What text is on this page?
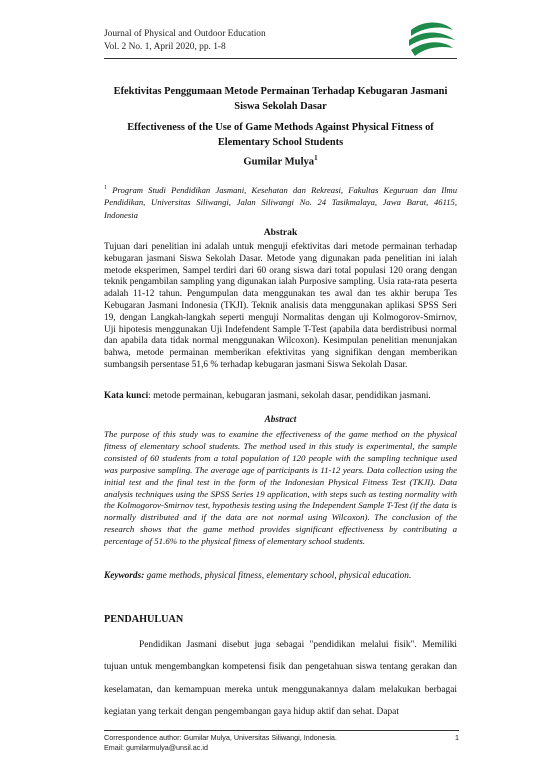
Journal of Physical and Outdoor Education
Vol. 2 No. 1, April 2020, pp. 1-8
Efektivitas Penggumaan Metode Permainan Terhadap Kebugaran Jasmani Siswa Sekolah Dasar
Effectiveness of the Use of Game Methods Against Physical Fitness of Elementary School Students
Gumilar Mulya$^1$
$^1$ Program Studi Pendidikan Jasmani, Kesehatan dan Rekreasi, Fakultas Keguruan dan Ilmu Pendidikan, Universitas Siliwangi, Jalan Siliwangi No. 24 Tasikmalaya, Jawa Barat, 46115, Indonesia
Abstrak
Tujuan dari penelitian ini adalah untuk menguji efektivitas dari metode permainan terhadap kebugaran jasmani Siswa Sekolah Dasar. Metode yang digunakan pada penelitian ini ialah metode eksperimen, Sampel terdiri dari 60 orang siswa dari total populasi 120 orang dengan teknik pengambilan sampling yang digunakan ialah Purposive sampling. Usia rata-rata peserta adalah 11-12 tahun. Pengumpulan data menggunakan tes awal dan tes akhir berupa Tes Kebugaran Jasmani Indonesia (TKJI). Teknik analisis data menggunakan aplikasi SPSS Seri 19, dengan Langkah-langkah seperti menguji Normalitas dengan uji Kolmogorov-Smirnov, Uji hipotesis menggunakan Uji Indefendent Sample T-Test (apabila data berdistribusi normal dan apabila data tidak normal menggunakan Wilcoxon). Kesimpulan penelitian menunjakan bahwa, metode permainan memberikan efektivitas yang signifikan dengan memberikan sumbangsih persentase 51,6 % terhadap kebugaran jasmani Siswa Sekolah Dasar.
Kata kunci: metode permainan, kebugaran jasmani, sekolah dasar, pendidikan jasmani.
Abstract
The purpose of this study was to examine the effectiveness of the game method on the physical fitness of elementary school students. The method used in this study is experimental, the sample consisted of 60 students from a total population of 120 people with the sampling technique used was purposive sampling. The average age of participants is 11-12 years. Data collection using the initial test and the final test in the form of the Indonesian Physical Fitness Test (TKJI). Data analysis techniques using the SPSS Series 19 application, with steps such as testing normality with the Kolmogorov-Smirnov test, hypothesis testing using the Independent Sample T-Test (if the data is normally distributed and if the data are not normal using Wilcoxon). The conclusion of the research shows that the game method provides significant effectiveness by contributing a percentage of 51.6% to the physical fitness of elementary school students.
Keywords: game methods, physical fitness, elementary school, physical education.
PENDAHULUAN
Pendidikan Jasmani disebut juga sebagai "pendidikan melalui fisik". Memiliki tujuan untuk mengembangkan kompetensi fisik dan pengetahuan siswa tentang gerakan dan keselamatan, dan kemampuan mereka untuk menggunakannya dalam melakukan berbagai kegiatan yang terkait dengan pengembangan gaya hidup aktif dan sehat. Dapat
Correspondence author: Gumilar Mulya, Universitas Siliwangi, Indonesia.
Email: gumilarmulya@unsil.ac.id
1
